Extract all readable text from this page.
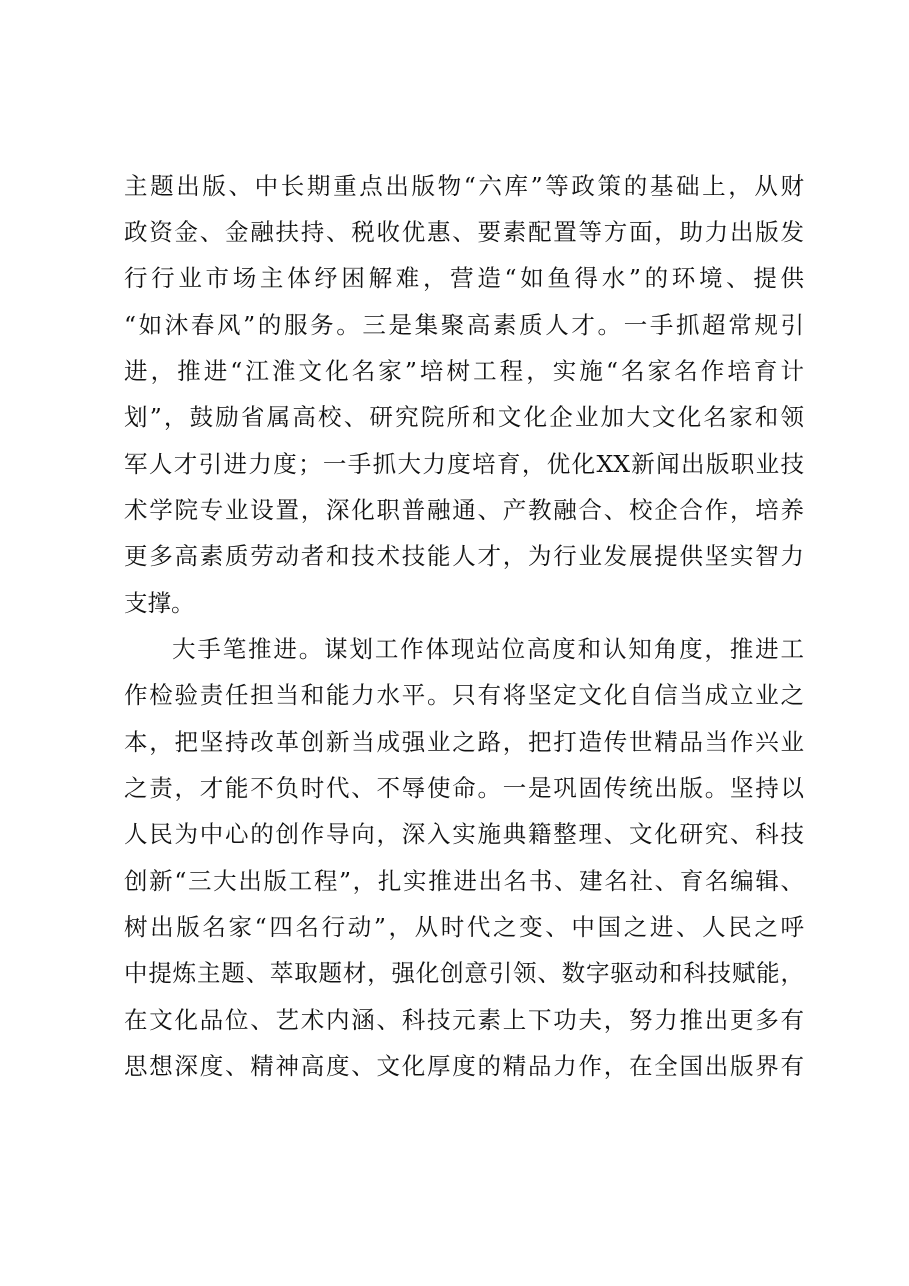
主题出版、中长期重点出版物“六库”等政策的基础上，从财
政资金、金融扶持、税收优惠、要素配置等方面，助力出版发
行行业市场主体纾困解难，营造“如鱼得水”的环境、提供
“如沐春风”的服务。三是集聚高素质人才。一手抓超常规引
进，推进“江淮文化名家”培树工程，实施“名家名作培育计
划”，鼓励省属高校、研究院所和文化企业加大文化名家和领
军人才引进力度；一手抓大力度培育，优化XX新闻出版职业技
术学院专业设置，深化职普融通、产教融合、校企合作，培养
更多高素质劳动者和技术技能人才，为行业发展提供坚实智力
支撑。
大手笔推进。谋划工作体现站位高度和认知角度，推进工
作检验责任担当和能力水平。只有将坚定文化自信当成立业之
本，把坚持改革创新当成强业之路，把打造传世精品当作兴业
之责，才能不负时代、不辱使命。一是巩固传统出版。坚持以
人民为中心的创作导向，深入实施典籍整理、文化研究、科技
创新“三大出版工程”，扎实推进出名书、建名社、育名编辑、
树出版名家“四名行动”，从时代之变、中国之进、人民之呼
中提炼主题、萃取题材，强化创意引领、数字驱动和科技赋能，
在文化品位、艺术内涵、科技元素上下功夫，努力推出更多有
思想深度、精神高度、文化厚度的精品力作，在全国出版界有
